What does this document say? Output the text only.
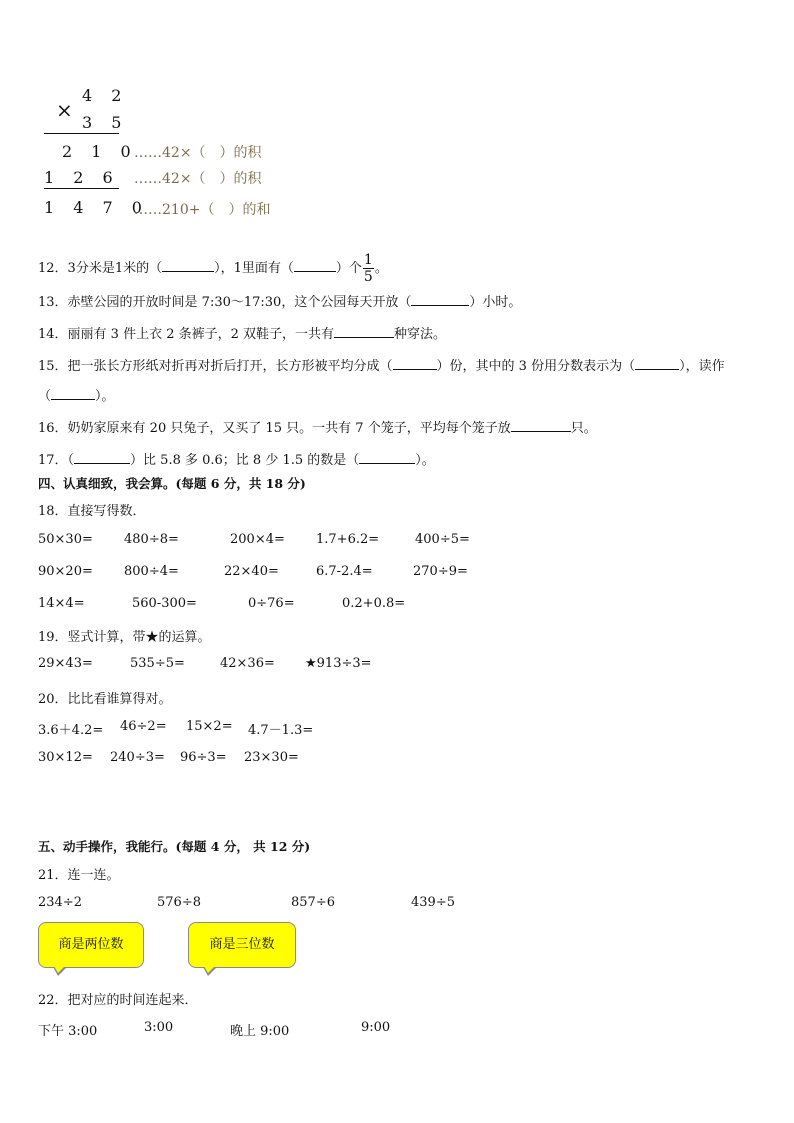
×
4 2
3 5
2 1 0
……42×（　）的积
1 2 6 ……42×（　）的积
1 4 7 0
……210+（　）的和
12．3分米是1米的（	），1里面有（	）个 $\frac{1}{5}$ 。
13．赤壁公园的开放时间是 7:30～17:30，这个公园每天开放（	）小时。
14．丽丽有 3 件上衣 2 条裤子，2 双鞋子，一共有	种穿法。
15．把一张长方形纸对折再对折后打开，长方形被平均分成（	）份，其中的 3 份用分数表示为（	），读作
（	）。
16．奶奶家原来有 20 只兔子，又买了 15 只。一共有 7 个笼子，平均每个笼子放	只。
17．（	）比 5.8 多 0.6；比 8 少 1.5 的数是（	）。
四、认真细致，我会算。(每题 6 分，共 18 分)
18．直接写得数．
50×30= 480÷8=	200×4= 1.7+6.2=	400÷5=
90×20= 800÷4=	22×40=	6.7-2.4=	270÷9=
14×4=	560-300=	0÷76=	0.2+0.8=
19．竖式计算，带★的运算。
29×43=	535÷5=	42×36= ★913÷3=
20．比比看谁算得对。
3.6＋4.2= 46÷2= 15×2= 4.7－1.3=
30×12= 240÷3= 96÷3= 23×30=
五、动手操作，我能行。(每题 4 分， 共 12 分)
21．连一连。
234÷2	576÷8	857÷6	439÷5
商是两位数	商是三位数
22．把对应的时间连起来．
下午 3:00	3:00	晚上 9:00	9:00
